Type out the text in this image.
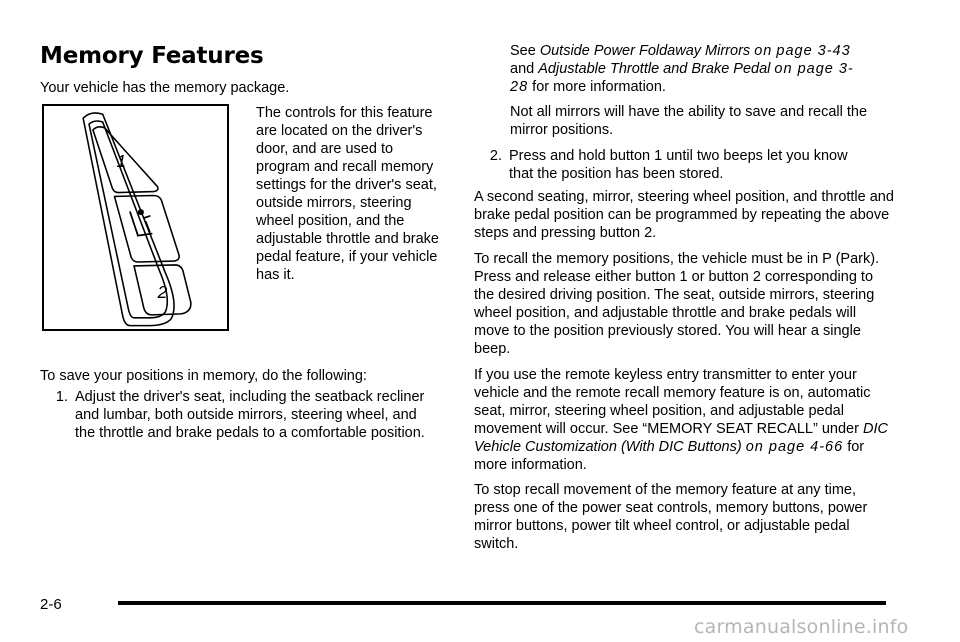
Memory Features

Your vehicle has the memory package.

1
2

The controls for this feature are located on the driver's door, and are used to program and recall memory settings for the driver's seat, outside mirrors, steering wheel position, and the adjustable throttle and brake pedal feature, if your vehicle has it.

To save your positions in memory, do the following:

1. Adjust the driver's seat, including the seatback recliner and lumbar, both outside mirrors, steering wheel, and the throttle and brake pedals to a comfortable position.

See Outside Power Foldaway Mirrors on page 3-43 and Adjustable Throttle and Brake Pedal on page 3-28 for more information.

Not all mirrors will have the ability to save and recall the mirror positions.

2. Press and hold button 1 until two beeps let you know that the position has been stored.

A second seating, mirror, steering wheel position, and throttle and brake pedal position can be programmed by repeating the above steps and pressing button 2.

To recall the memory positions, the vehicle must be in P (Park). Press and release either button 1 or button 2 corresponding to the desired driving position. The seat, outside mirrors, steering wheel position, and adjustable throttle and brake pedals will move to the position previously stored. You will hear a single beep.

If you use the remote keyless entry transmitter to enter your vehicle and the remote recall memory feature is on, automatic seat, mirror, steering wheel position, and adjustable pedal movement will occur. See “MEMORY SEAT RECALL” under DIC Vehicle Customization (With DIC Buttons) on page 4-66 for more information.

To stop recall movement of the memory feature at any time, press one of the power seat controls, memory buttons, power mirror buttons, power tilt wheel control, or adjustable pedal switch.

2-6
carmanualsonline.info
